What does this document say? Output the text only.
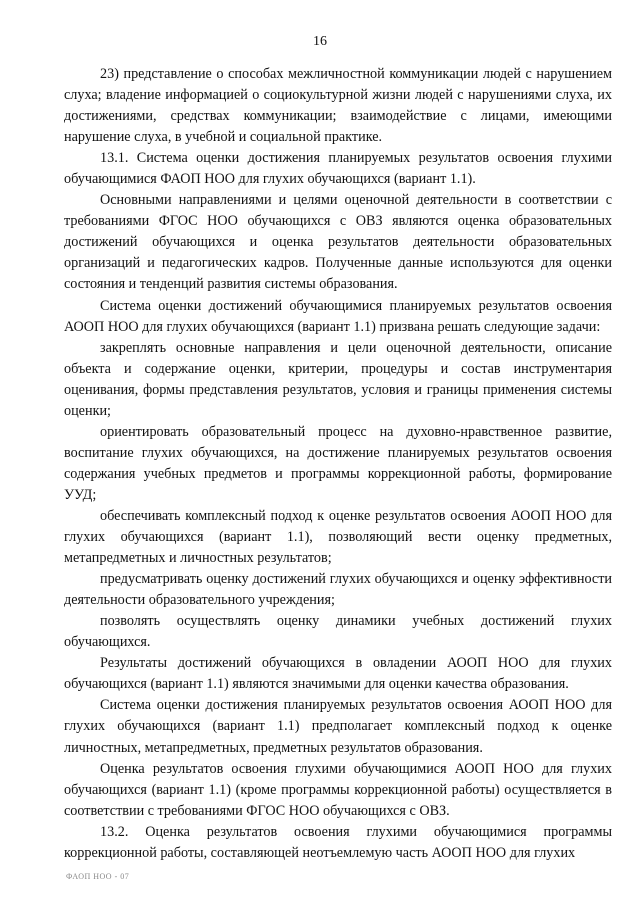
16

23) представление о способах межличностной коммуникации людей с нарушением слуха; владение информацией о социокультурной жизни людей с нарушениями слуха, их достижениями, средствах коммуникации; взаимодействие с лицами, имеющими нарушение слуха, в учебной и социальной практике.

13.1. Система оценки достижения планируемых результатов освоения глухими обучающимися ФАОП НОО для глухих обучающихся (вариант 1.1).

Основными направлениями и целями оценочной деятельности в соответствии с требованиями ФГОС НОО обучающихся с ОВЗ являются оценка образовательных достижений обучающихся и оценка результатов деятельности образовательных организаций и педагогических кадров. Полученные данные используются для оценки состояния и тенденций развития системы образования.

Система оценки достижений обучающимися планируемых результатов освоения АООП НОО для глухих обучающихся (вариант 1.1) призвана решать следующие задачи:

закреплять основные направления и цели оценочной деятельности, описание объекта и содержание оценки, критерии, процедуры и состав инструментария оценивания, формы представления результатов, условия и границы применения системы оценки;

ориентировать образовательный процесс на духовно-нравственное развитие, воспитание глухих обучающихся, на достижение планируемых результатов освоения содержания учебных предметов и программы коррекционной работы, формирование УУД;

обеспечивать комплексный подход к оценке результатов освоения АООП НОО для глухих обучающихся (вариант 1.1), позволяющий вести оценку предметных, метапредметных и личностных результатов;

предусматривать оценку достижений глухих обучающихся и оценку эффективности деятельности образовательного учреждения;

позволять осуществлять оценку динамики учебных достижений глухих обучающихся.

Результаты достижений обучающихся в овладении АООП НОО для глухих обучающихся (вариант 1.1) являются значимыми для оценки качества образования.

Система оценки достижения планируемых результатов освоения АООП НОО для глухих обучающихся (вариант 1.1) предполагает комплексный подход к оценке личностных, метапредметных, предметных результатов образования.

Оценка результатов освоения глухими обучающимися АООП НОО для глухих обучающихся (вариант 1.1) (кроме программы коррекционной работы) осуществляется в соответствии с требованиями ФГОС НОО обучающихся с ОВЗ.

13.2. Оценка результатов освоения глухими обучающимися программы коррекционной работы, составляющей неотъемлемую часть АООП НОО для глухих

ФАОП НОО - 07
